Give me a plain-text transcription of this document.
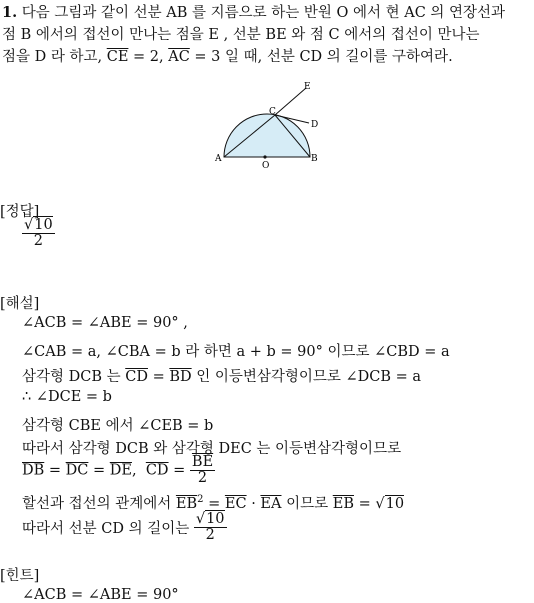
1. 다음 그림과 같이 선분 AB 를 지름으로 하는 반원 O 에서 현 AC 의 연장선과
점 B 에서의 접선이 만나는 점을 E , 선분 BE 와 점 C 에서의 접선이 만나는
점을 D 라 하고, $\overline{CE} = 2$, $\overline{AC} = 3$ 일 때, 선분 CD 의 길이를 구하여라.
A	B
C
D
E
O
[정답]
$\frac{√10}{2}$
[해설]
∠ACB = ∠ABE = 90° ,
∠CAB = a, ∠CBA = b 라 하면 a + b = 90° 이므로 ∠CBD = a
삼각형 DCB 는 $\overline{CD} = \overline{BD}$ 인 이등변삼각형이므로 ∠DCB = a
∴ ∠DCE = b
삼각형 CBE 에서 ∠CEB = b
따라서 삼각형 DCB 와 삼각형 DEC 는 이등변삼각형이므로
$\overline{DB} = \overline{DC} = \overline{DE}$,  $\overline{CD} = \frac{\overline{BE}}{2}$
할선과 접선의 관계에서 $\overline{EB}^2 = \overline{EC} \cdot \overline{EA}$ 이므로 $\overline{EB} = √10$
따라서 선분 CD 의 길이는 $\frac{√10}{2}$
[힌트]
∠ACB = ∠ABE = 90°
